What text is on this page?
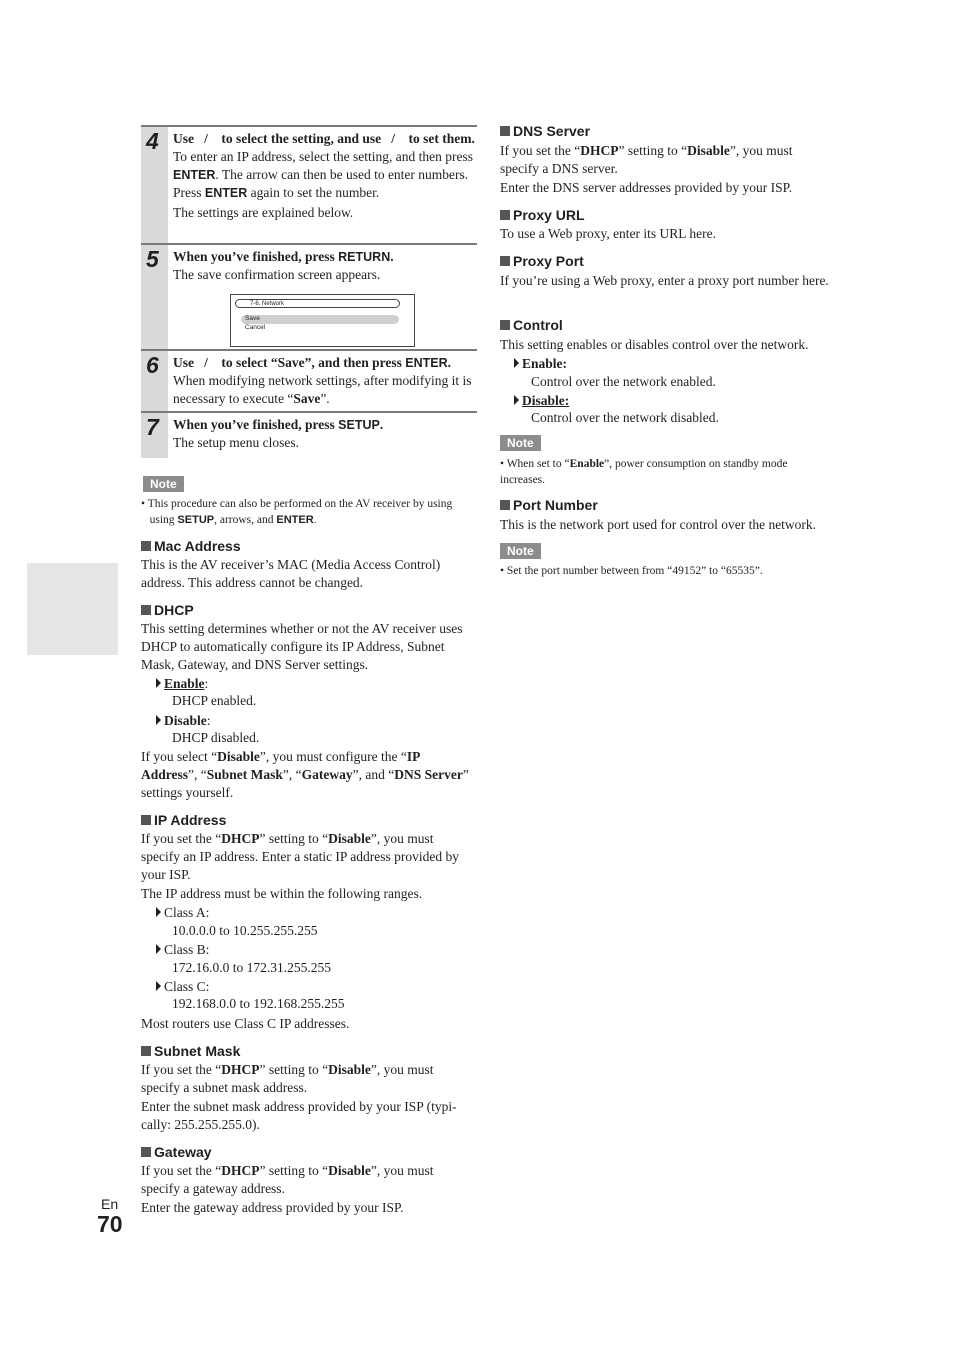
4 Use   /    to select the setting, and use   /    to set them.
To enter an IP address, select the setting, and then press ENTER. The arrow can then be used to enter numbers. Press ENTER again to set the number.
The settings are explained below.
5 When you’ve finished, press RETURN.
The save confirmation screen appears.
7-6. Network
Save
Cancel
6 Use   /    to select “Save”, and then press ENTER.
When modifying network settings, after modifying it is necessary to execute “Save”.
7 When you’ve finished, press SETUP.
The setup menu closes.
Note
• This procedure can also be performed on the AV receiver by using
using SETUP, arrows, and ENTER.
Mac Address
This is the AV receiver’s MAC (Media Access Control) address. This address cannot be changed.
DHCP
This setting determines whether or not the AV receiver uses DHCP to automatically configure its IP Address, Subnet Mask, Gateway, and DNS Server settings.
Enable:
DHCP enabled.
Disable:
DHCP disabled.
If you select “Disable”, you must configure the “IP Address”, “Subnet Mask”, “Gateway”, and “DNS Server” settings yourself.
IP Address
If you set the “DHCP” setting to “Disable”, you must specify an IP address. Enter a static IP address provided by your ISP.
The IP address must be within the following ranges.
Class A:
10.0.0.0 to 10.255.255.255
Class B:
172.16.0.0 to 172.31.255.255
Class C:
192.168.0.0 to 192.168.255.255
Most routers use Class C IP addresses.
Subnet Mask
If you set the “DHCP” setting to “Disable”, you must specify a subnet mask address.
Enter the subnet mask address provided by your ISP (typi-cally: 255.255.255.0).
Gateway
If you set the “DHCP” setting to “Disable”, you must specify a gateway address.
Enter the gateway address provided by your ISP.
DNS Server
If you set the “DHCP” setting to “Disable”, you must specify a DNS server.
Enter the DNS server addresses provided by your ISP.
Proxy URL
To use a Web proxy, enter its URL here.
Proxy Port
If you’re using a Web proxy, enter a proxy port number here.
Control
This setting enables or disables control over the network.
Enable:
Control over the network enabled.
Disable:
Control over the network disabled.
Note
• When set to “Enable”, power consumption on standby mode increases.
Port Number
This is the network port used for control over the network.
Note
• Set the port number between from “49152” to “65535”.
En
70
